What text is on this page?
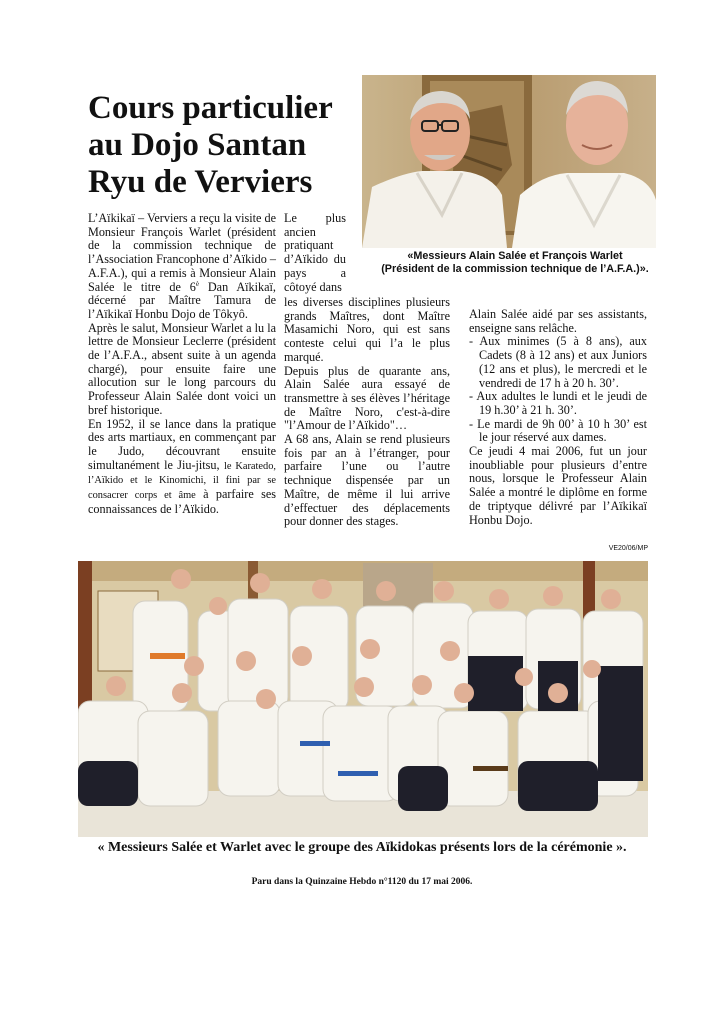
Cours particulier
au Dojo Santan
Ryu de Verviers
«Messieurs Alain Salée et François Warlet
(Président de la commission technique de l’A.F.A.)».

L’Aïkikaï – Verviers a reçu la visite de Monsieur François Warlet (président de la commission technique de l’Association Francophone d’Aïkido – A.F.A.), qui a remis à Monsieur Alain Salée le titre de $6^è$ Dan Aïkikaï, décerné par Maître Tamura de l’Aïkikaï Honbu Dojo de Tôkyô.

Après le salut, Monsieur Warlet a lu la lettre de Monsieur Leclerre (président de l’A.F.A., absent suite à un agenda chargé), pour ensuite faire une allocution sur le long parcours du Professeur Alain Salée dont voici un bref historique.

En 1952, il se lance dans la pratique des arts martiaux, en commençant par le Judo, découvrant ensuite simultanément le Jiu-jitsu, le Karatedo, l’Aïkido et le Kinomichi, il fini par se consacrer corps et âme à parfaire ses connaissances de l’Aïkido.

Le plus ancien pratiquant d’Aïkido du pays a côtoyé dans

les diverses disciplines plusieurs grands Maîtres, dont Maître Masamichi Noro, qui est sans conteste celui qui l’a le plus marqué.

Depuis plus de quarante ans, Alain Salée aura essayé de transmettre à ses élèves l’héritage de Maître Noro, c'est-à-dire "l’Amour de l’Aïkido"…

A 68 ans, Alain se rend plusieurs fois par an à l’étranger, pour parfaire l’une ou l’autre technique dispensée par un Maître, de même il lui arrive d’effectuer des déplacements pour donner des stages.

Alain Salée aidé par ses assistants, enseigne sans relâche.

- Aux minimes (5 à 8 ans), aux Cadets (8 à 12 ans) et aux Juniors (12 ans et plus), le mercredi et le vendredi de 17 h à 20 h. 30’.
- Aux adultes le lundi et le jeudi de 19 h.30’ à 21 h. 30’.
- Le mardi de 9h 00’ à 10 h 30’ est le jour réservé aux dames.

Ce jeudi 4 mai 2006, fut un jour inoubliable pour plusieurs d’entre nous, lorsque le Professeur Alain Salée a montré le diplôme en forme de triptyque délivré par l’Aïkikaï Honbu Dojo.

VE20/06/MP
« Messieurs Salée et Warlet avec le groupe des Aïkidokas présents lors de la cérémonie ».
Paru dans la Quinzaine Hebdo n°1120 du 17 mai 2006.
